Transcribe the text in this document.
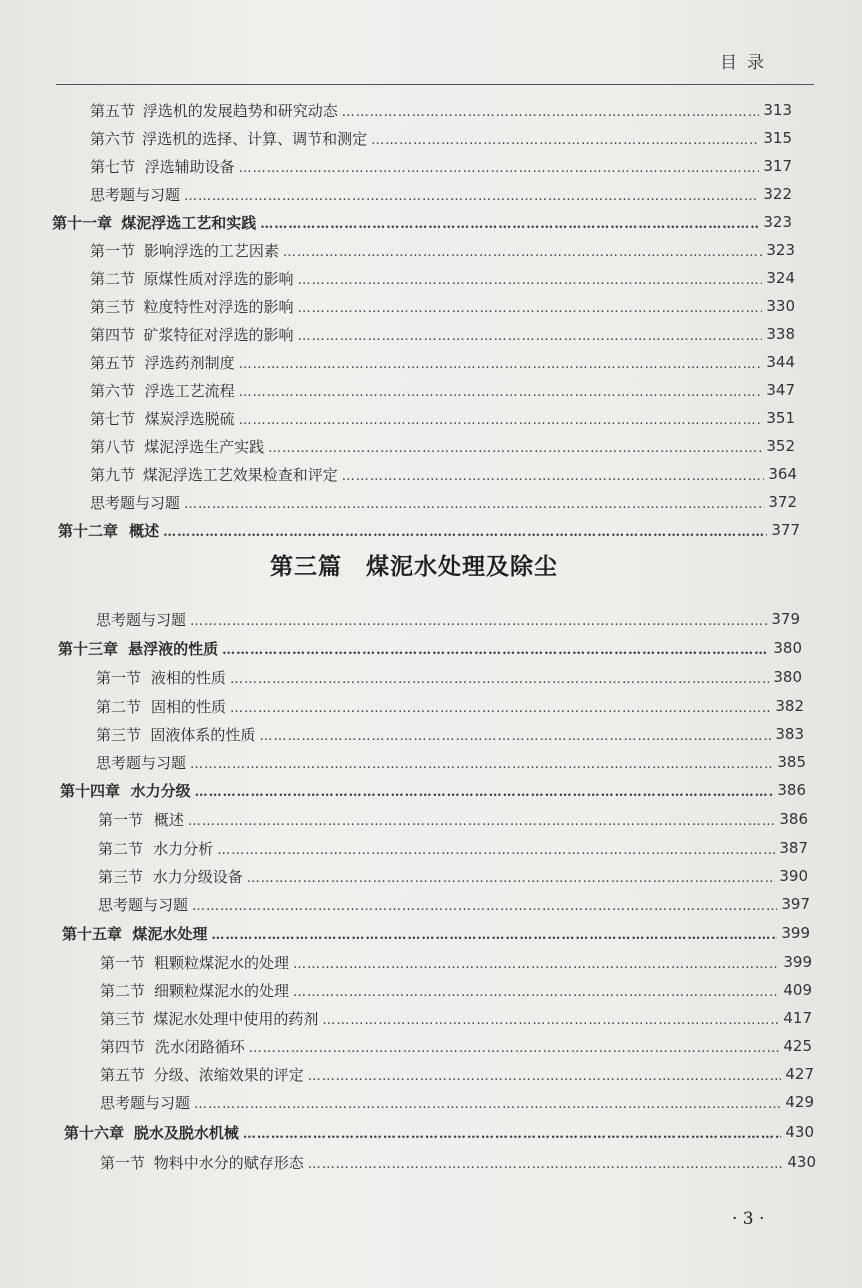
目录
第五节 浮选机的发展趋势和研究动态 …………………………………………………………………………………………………………………………………………………………………………………………	313
第六节 浮选机的选择、计算、调节和测定 …………………………………………………………………………………………………………………………………………………………………………………………	315
第七节 浮选辅助设备 …………………………………………………………………………………………………………………………………………………………………………………………	317
思考题与习题 …………………………………………………………………………………………………………………………………………………………………………………………	322
第十一章 煤泥浮选工艺和实践 …………………………………………………………………………………………………………………………………………………………………………………………	323
第一节 影响浮选的工艺因素 …………………………………………………………………………………………………………………………………………………………………………………………	323
第二节 原煤性质对浮选的影响 …………………………………………………………………………………………………………………………………………………………………………………………	324
第三节 粒度特性对浮选的影响 …………………………………………………………………………………………………………………………………………………………………………………………	330
第四节 矿浆特征对浮选的影响 …………………………………………………………………………………………………………………………………………………………………………………………	338
第五节 浮选药剂制度 …………………………………………………………………………………………………………………………………………………………………………………………	344
第六节 浮选工艺流程 …………………………………………………………………………………………………………………………………………………………………………………………	347
第七节 煤炭浮选脱硫 …………………………………………………………………………………………………………………………………………………………………………………………	351
第八节 煤泥浮选生产实践 …………………………………………………………………………………………………………………………………………………………………………………………	352
第九节 煤泥浮选工艺效果检查和评定 …………………………………………………………………………………………………………………………………………………………………………………………	364
思考题与习题 …………………………………………………………………………………………………………………………………………………………………………………………	372
第十二章 概述 …………………………………………………………………………………………………………………………………………………………………………………………	377
思考题与习题 …………………………………………………………………………………………………………………………………………………………………………………………	379
第十三章 悬浮液的性质 …………………………………………………………………………………………………………………………………………………………………………………………	380
第一节 液相的性质 …………………………………………………………………………………………………………………………………………………………………………………………	380
第二节 固相的性质 …………………………………………………………………………………………………………………………………………………………………………………………	382
第三节 固液体系的性质 …………………………………………………………………………………………………………………………………………………………………………………………	383
思考题与习题 …………………………………………………………………………………………………………………………………………………………………………………………	385
第十四章 水力分级 …………………………………………………………………………………………………………………………………………………………………………………………	386
第一节 概述 …………………………………………………………………………………………………………………………………………………………………………………………	386
第二节 水力分析 …………………………………………………………………………………………………………………………………………………………………………………………	387
第三节 水力分级设备 …………………………………………………………………………………………………………………………………………………………………………………………	390
思考题与习题 …………………………………………………………………………………………………………………………………………………………………………………………	397
第十五章 煤泥水处理 …………………………………………………………………………………………………………………………………………………………………………………………	399
第一节 粗颗粒煤泥水的处理 …………………………………………………………………………………………………………………………………………………………………………………………	399
第二节 细颗粒煤泥水的处理 …………………………………………………………………………………………………………………………………………………………………………………………	409
第三节 煤泥水处理中使用的药剂 …………………………………………………………………………………………………………………………………………………………………………………………	417
第四节 洗水闭路循环 …………………………………………………………………………………………………………………………………………………………………………………………	425
第五节 分级、浓缩效果的评定 …………………………………………………………………………………………………………………………………………………………………………………………	427
思考题与习题 …………………………………………………………………………………………………………………………………………………………………………………………	429
第十六章 脱水及脱水机械 …………………………………………………………………………………………………………………………………………………………………………………………	430
第一节 物料中水分的赋存形态 …………………………………………………………………………………………………………………………………………………………………………………………	430
第三篇 煤泥水处理及除尘
· 3 ·
